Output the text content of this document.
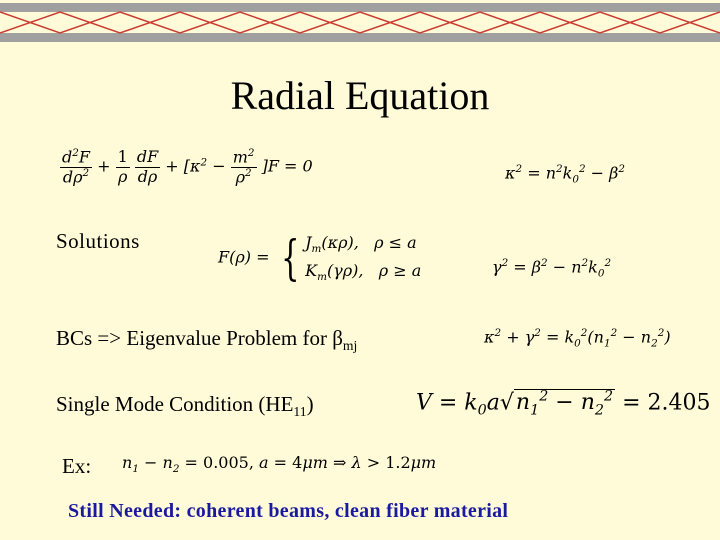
Radial Equation
$\frac{d^2F}{d\rho^2} + \frac{1}{\rho}$
$\frac{dF}{d\rho} + [\kappa^2 - \frac{m^2}{\rho^2} ]F = 0$	$\kappa^2 = n^2k_0^2 - \beta^2$
Solutions
F(ρ) = { $J_m(\kappa\rho)$,   ρ ≤ a
$K_m(\gamma\rho)$,   ρ ≥ a	$\gamma^2 = \beta^2 - n^2k_0^2$
BCs => Eigenvalue Problem for $\beta_{mj}$	$\kappa^2 + \gamma^2 = k_0^2(n_1^2 - n_2^2)$
Single Mode Condition $(HE_{11})$	$V = k_0a√n_1^2 - n_2^2 = 2.405$
Ex: $n_1 - n_2 = 0.005$, a = 4μm ⇒ λ > 1.2μm
Still Needed: coherent beams, clean fiber material
